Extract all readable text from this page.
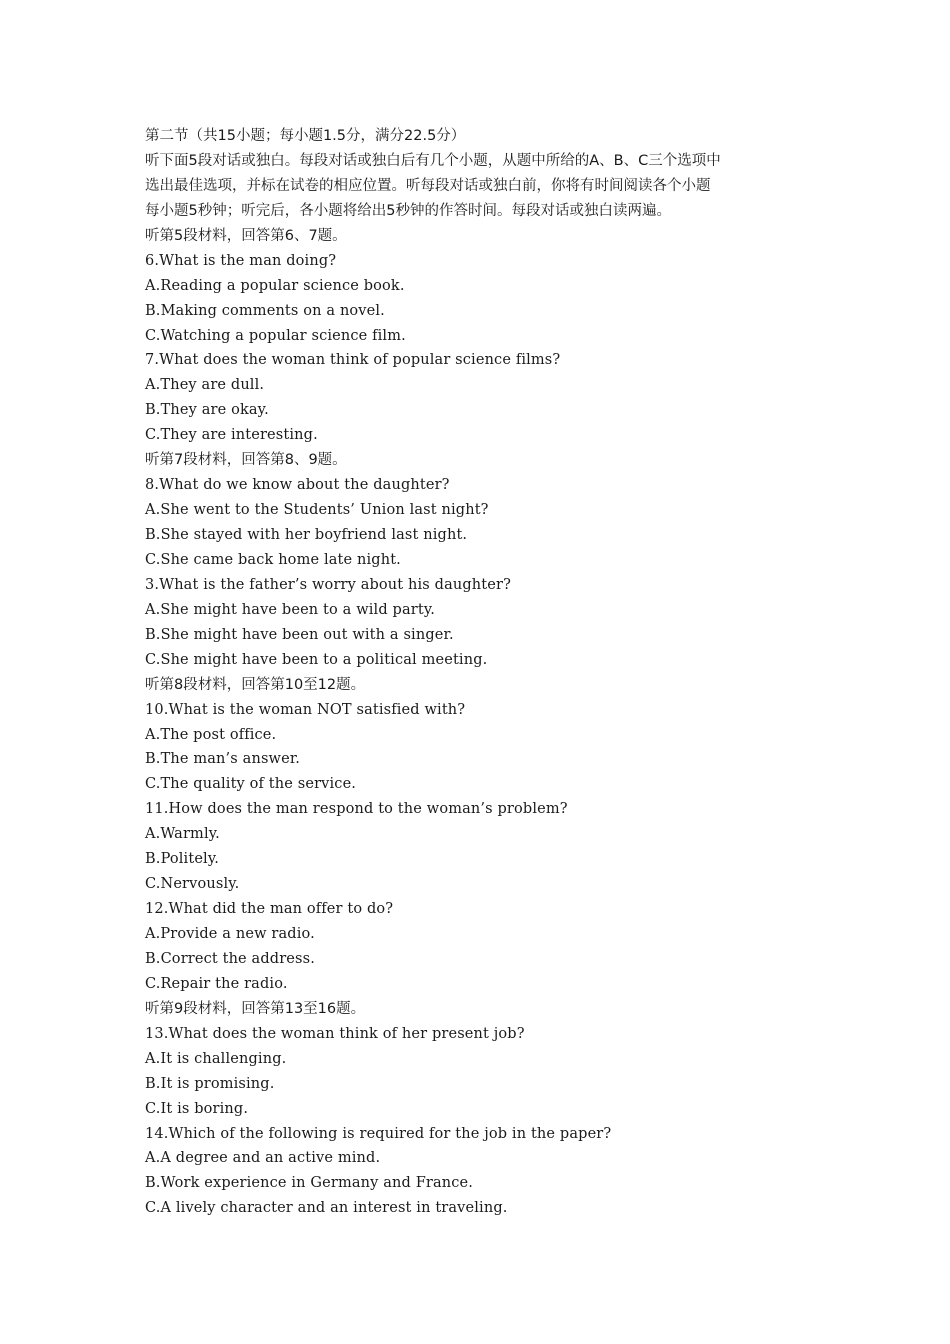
第二节（共15小题；每小题1.5分，满分22.5分）
听下面5段对话或独白。每段对话或独白后有几个小题，从题中所给的A、B、C三个选项中
选出最佳选项，并标在试卷的相应位置。听每段对话或独白前，你将有时间阅读各个小题
每小题5秒钟；听完后，各小题将给出5秒钟的作答时间。每段对话或独白读两遍。
听第5段材料，回答第6、7题。
6.What is the man doing?
A.Reading a popular science book.
B.Making comments on a novel.
C.Watching a popular science film.
7.What does the woman think of popular science films?
A.They are dull.
B.They are okay.
C.They are interesting.
听第7段材料，回答第8、9题。
8.What do we know about the daughter?
A.She went to the Students’ Union last night?
B.She stayed with her boyfriend last night.
C.She came back home late night.
3.What is the father’s worry about his daughter?
A.She might have been to a wild party.
B.She might have been out with a singer.
C.She might have been to a political meeting.
听第8段材料，回答第10至12题。
10.What is the woman NOT satisfied with?
A.The post office.
B.The man’s answer.
C.The quality of the service.
11.How does the man respond to the woman’s problem?
A.Warmly.
B.Politely.
C.Nervously.
12.What did the man offer to do?
A.Provide a new radio.
B.Correct the address.
C.Repair the radio.
听第9段材料，回答第13至16题。
13.What does the woman think of her present job?
A.It is challenging.
B.It is promising.
C.It is boring.
14.Which of the following is required for the job in the paper?
A.A degree and an active mind.
B.Work experience in Germany and France.
C.A lively character and an interest in traveling.
